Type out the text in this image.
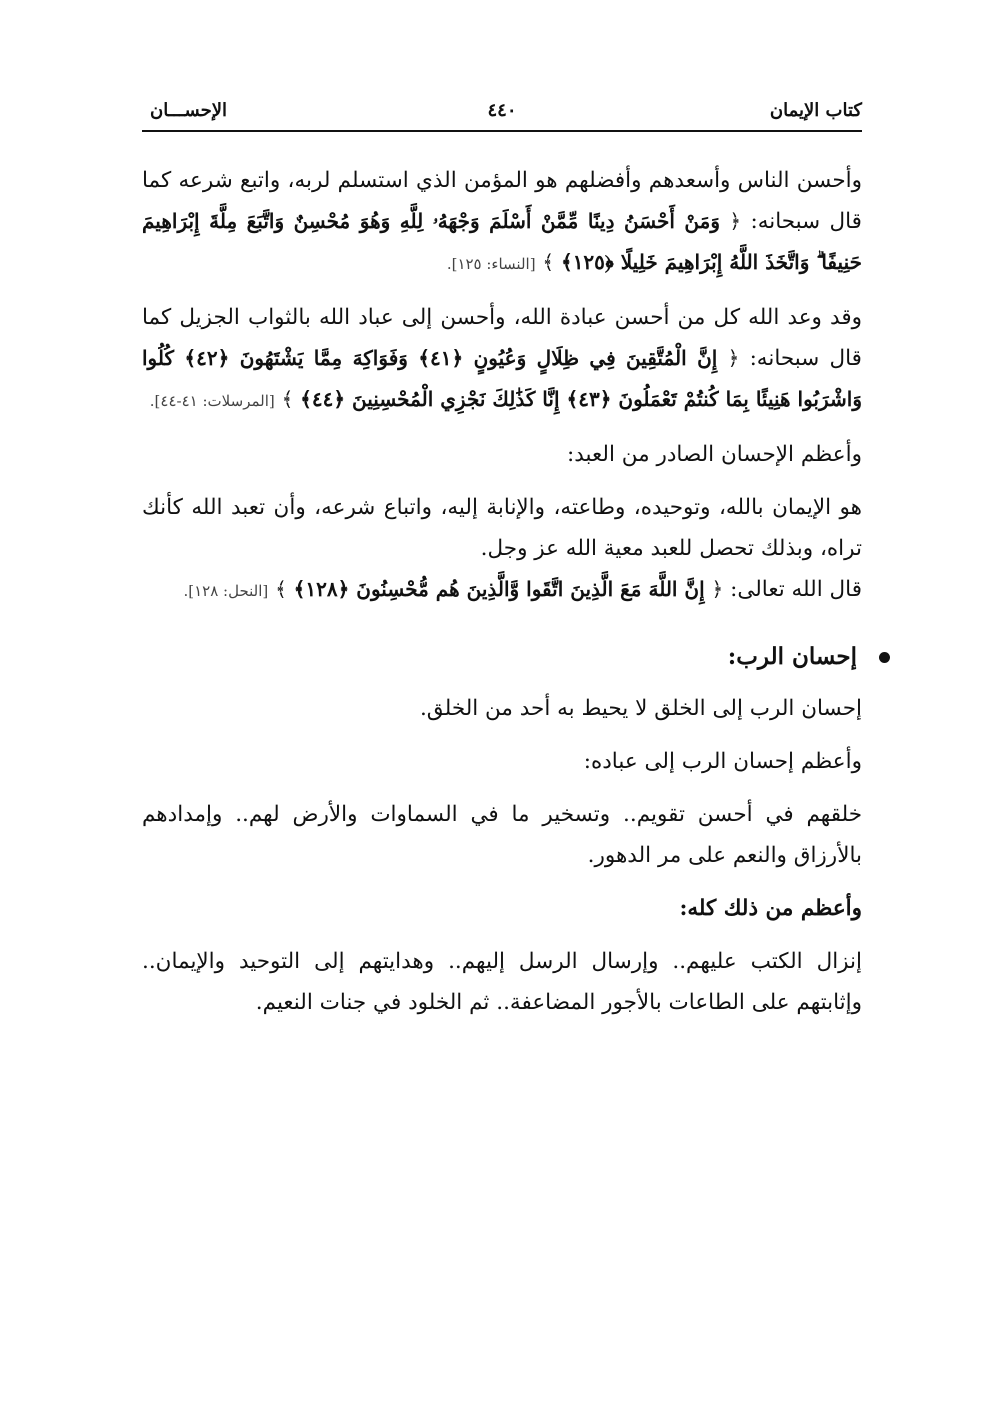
كتاب الإيمان
٤٤٠
الإحســـان

وأحسن الناس وأسعدهم وأفضلهم هو المؤمن الذي استسلم لربه، واتبع شرعه كما قال سبحانه: ﴿ وَمَنْ أَحْسَنُ دِينًا مِّمَّنْ أَسْلَمَ وَجْهَهُۥ لِلَّهِ وَهُوَ مُحْسِنٌ وَاتَّبَعَ مِلَّةَ إِبْرَاهِيمَ حَنِيفًا ۗ وَاتَّخَذَ اللَّهُ إِبْرَاهِيمَ خَلِيلًا ﴿١٢٥﴾ ﴾ [النساء: ١٢٥].

وقد وعد الله كل من أحسن عبادة الله، وأحسن إلى عباد الله بالثواب الجزيل كما قال سبحانه: ﴿ إِنَّ الْمُتَّقِينَ فِي ظِلَالٍ وَعُيُونٍ ﴿٤١﴾ وَفَوَاكِهَ مِمَّا يَشْتَهُونَ ﴿٤٢﴾ كُلُوا وَاشْرَبُوا هَنِيئًا بِمَا كُنتُمْ تَعْمَلُونَ ﴿٤٣﴾ إِنَّا كَذَٰلِكَ نَجْزِي الْمُحْسِنِينَ ﴿٤٤﴾ ﴾ [المرسلات: ٤١-٤٤].

وأعظم الإحسان الصادر من العبد:

هو الإيمان بالله، وتوحيده، وطاعته، والإنابة إليه، واتباع شرعه، وأن تعبد الله كأنك تراه، وبذلك تحصل للعبد معية الله عز وجل.

قال الله تعالى: ﴿ إِنَّ اللَّهَ مَعَ الَّذِينَ اتَّقَوا وَّالَّذِينَ هُم مُّحْسِنُونَ ﴿١٢٨﴾ ﴾ [النحل: ١٢٨].

إحسان الرب:

إحسان الرب إلى الخلق لا يحيط به أحد من الخلق.

وأعظم إحسان الرب إلى عباده:

خلقهم في أحسن تقويم.. وتسخير ما في السماوات والأرض لهم.. وإمدادهم بالأرزاق والنعم على مر الدهور.

وأعظم من ذلك كله:

إنزال الكتب عليهم.. وإرسال الرسل إليهم.. وهدايتهم إلى التوحيد والإيمان.. وإثابتهم على الطاعات بالأجور المضاعفة.. ثم الخلود في جنات النعيم.
